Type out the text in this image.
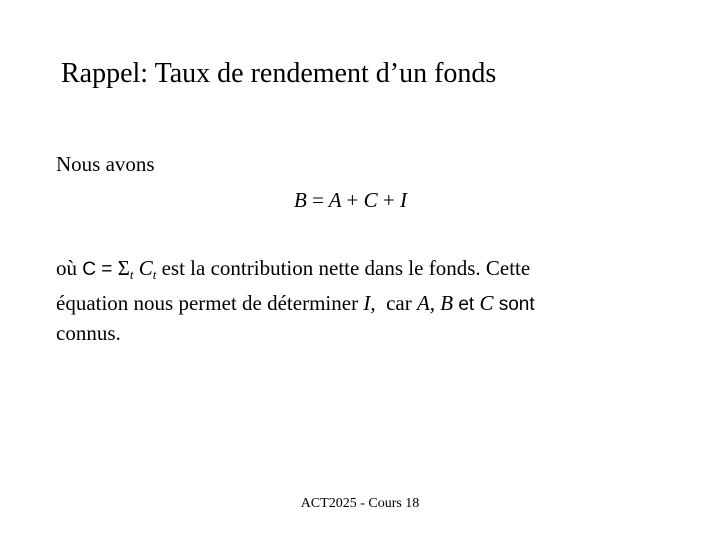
Rappel: Taux de rendement d’un fonds
Nous avons
B = A + C + I
où $C = \Sigma_t$ $C_t$ est la contribution nette dans le fonds. Cette
équation nous permet de déterminer I,  car A, B et C sont
connus.
ACT2025 - Cours 18
